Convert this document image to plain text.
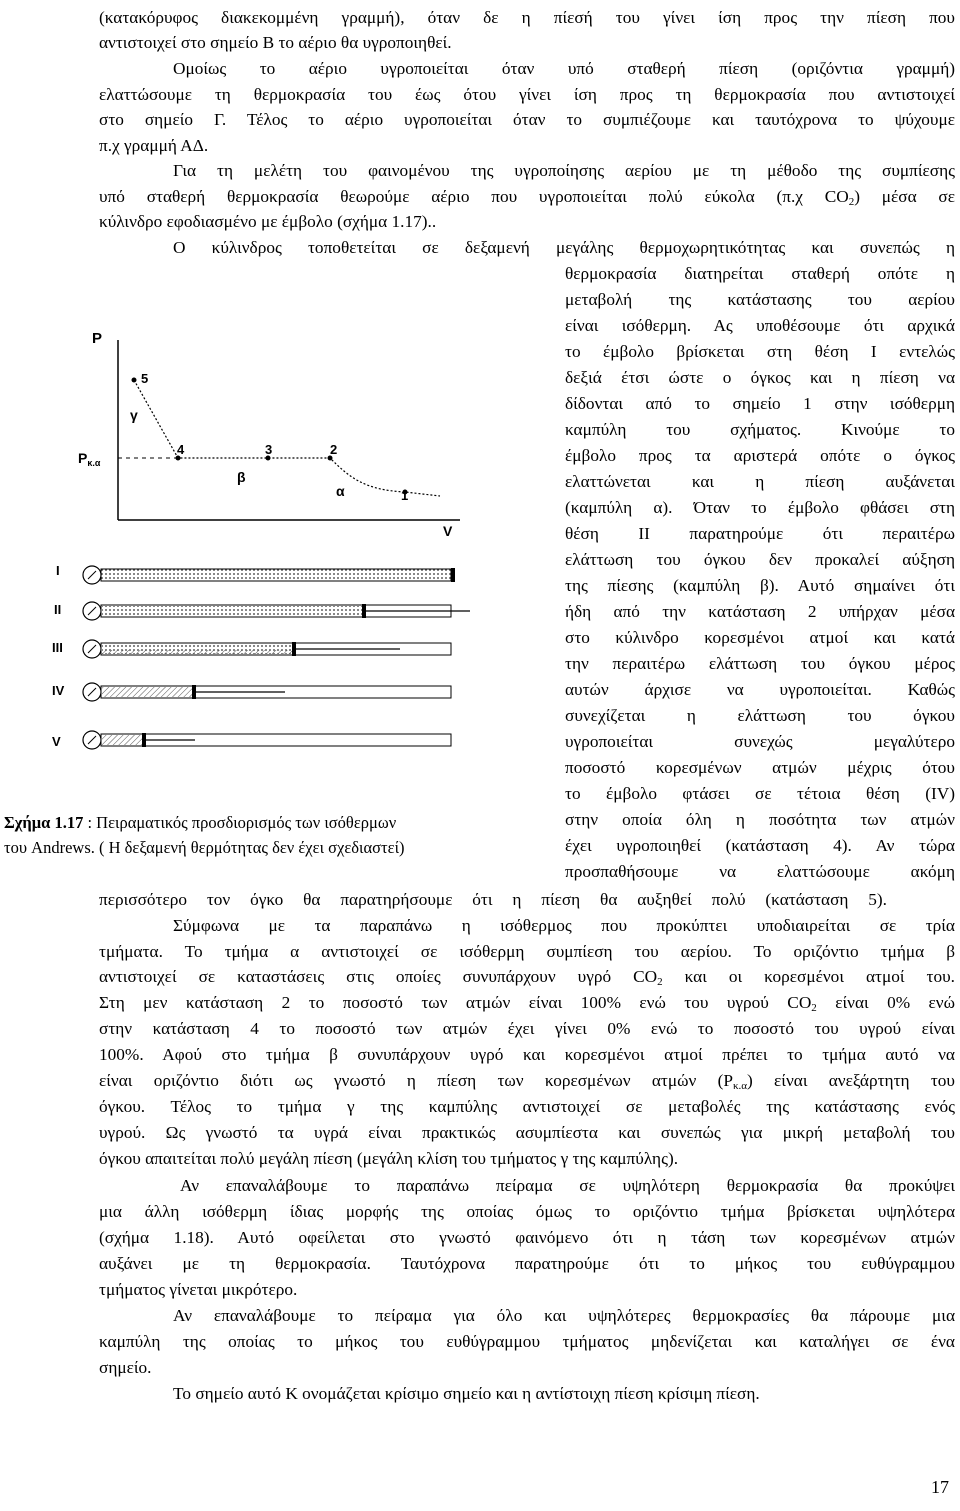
(κατακόρυφος διακεκομμένη γραμμή), όταν δε η πίεσή του γίνει ίση προς την πίεση που
αντιστοιχεί στο σημείο Β το αέριο θα υγροποιηθεί.
Ομοίως το αέριο υγροποιείται όταν υπό σταθερή πίεση (οριζόντια γραμμή)
ελαττώσουμε τη θερμοκρασία του έως ότου γίνει ίση προς τη θερμοκρασία που αντιστοιχεί
στο σημείο Γ. Τέλος το αέριο υγροποιείται όταν το συμπιέζουμε και ταυτόχρονα το ψύχουμε
π.χ γραμμή ΑΔ.
Για τη μελέτη του φαινομένου της υγροποίησης αερίου με τη μέθοδο της συμπίεσης
υπό σταθερή θερμοκρασία θεωρούμε αέριο που υγροποιείται πολύ εύκολα (π.χ $CO_2$) μέσα σε
κύλινδρο εφοδιασμένο με έμβολο (σχήμα 1.17)..
Ο κύλινδρος τοποθετείται σε δεξαμενή μεγάλης θερμοχωρητικότητας και συνεπώς η
θερμοκρασία διατηρείται σταθερή οπότε η
μεταβολή της κατάστασης του αερίου
είναι ισόθερμη. Ας υποθέσουμε ότι αρχικά
το έμβολο βρίσκεται στη θέση Ι εντελώς
δεξιά έτσι ώστε ο όγκος και η πίεση να
δίδονται από το σημείο 1 στην ισόθερμη
καμπύλη του σχήματος. Κινούμε το
έμβολο προς τα αριστερά οπότε ο όγκος
ελαττώνεται και η πίεση αυξάνεται
(καμπύλη α). Όταν το έμβολο φθάσει στη
θέση ΙΙ παρατηρούμε ότι περαιτέρω
ελάττωση του όγκου δεν προκαλεί αύξηση
της πίεσης (καμπύλη β). Αυτό σημαίνει ότι
ήδη από την κατάσταση 2 υπήρχαν μέσα
στο κύλινδρο κορεσμένοι ατμοί και κατά
την περαιτέρω ελάττωση του όγκου μέρος
αυτών άρχισε να υγροποιείται. Καθώς
συνεχίζεται η ελάττωση του όγκου
υγροποιείται συνεχώς μεγαλύτερο
ποσοστό κορεσμένων ατμών μέχρις ότου
το έμβολο φτάσει σε τέτοια θέση (IV)
στην οποία όλη η ποσότητα των ατμών
έχει υγροποιηθεί (κατάσταση 4). Αν τώρα
προσπαθήσουμε να ελαττώσουμε ακόμη
P
V
$P_{\kappa.\alpha}$
5
4	3	2
1
γ
β
α
I
II
III
IV
V
Σχήμα 1.17 : Πειραματικός προσδιορισμός των ισόθερμων
του Andrews. ( Η δεξαμενή θερμότητας δεν έχει σχεδιαστεί)
περισσότερο τον όγκο θα παρατηρήσουμε ότι η πίεση θα αυξηθεί πολύ (κατάσταση 5).
Σύμφωνα με τα παραπάνω η ισόθερμος που προκύπτει υποδιαιρείται σε τρία
τμήματα. Το τμήμα α αντιστοιχεί σε ισόθερμη συμπίεση του αερίου. Το οριζόντιο τμήμα β
αντιστοιχεί σε καταστάσεις στις οποίες συνυπάρχουν υγρό $CO_2$ και οι κορεσμένοι ατμοί του.
Στη μεν κατάσταση 2 το ποσοστό των ατμών είναι 100% ενώ του υγρού $CO_2$ είναι 0% ενώ
στην κατάσταση 4 το ποσοστό των ατμών έχει γίνει 0% ενώ το ποσοστό του υγρού είναι
100%. Αφού στο τμήμα β συνυπάρχουν υγρό και κορεσμένοι ατμοί πρέπει το τμήμα αυτό να
είναι οριζόντιο διότι ως γνωστό η πίεση των κορεσμένων ατμών $(P_{\kappa.\alpha})$ είναι ανεξάρτητη του
όγκου. Τέλος το τμήμα γ της καμπύλης αντιστοιχεί σε μεταβολές της κατάστασης ενός
υγρού. Ως γνωστό τα υγρά είναι πρακτικώς ασυμπίεστα και συνεπώς για μικρή μεταβολή του
όγκου απαιτείται πολύ μεγάλη πίεση (μεγάλη κλίση του τμήματος γ της καμπύλης).
Αν επαναλάβουμε το παραπάνω πείραμα σε υψηλότερη θερμοκρασία θα προκύψει
μια άλλη ισόθερμη ίδιας μορφής της οποίας όμως το οριζόντιο τμήμα βρίσκεται υψηλότερα
(σχήμα 1.18). Αυτό οφείλεται στο γνωστό φαινόμενο ότι η τάση των κορεσμένων ατμών
αυξάνει με τη θερμοκρασία. Ταυτόχρονα παρατηρούμε ότι το μήκος του ευθύγραμμου
τμήματος γίνεται μικρότερο.
Αν επαναλάβουμε το πείραμα για όλο και υψηλότερες θερμοκρασίες θα πάρουμε μια
καμπύλη της οποίας το μήκος του ευθύγραμμου τμήματος μηδενίζεται και καταλήγει σε ένα
σημείο.
Το σημείο αυτό Κ ονομάζεται κρίσιμο σημείο και η αντίστοιχη πίεση κρίσιμη πίεση.
17
